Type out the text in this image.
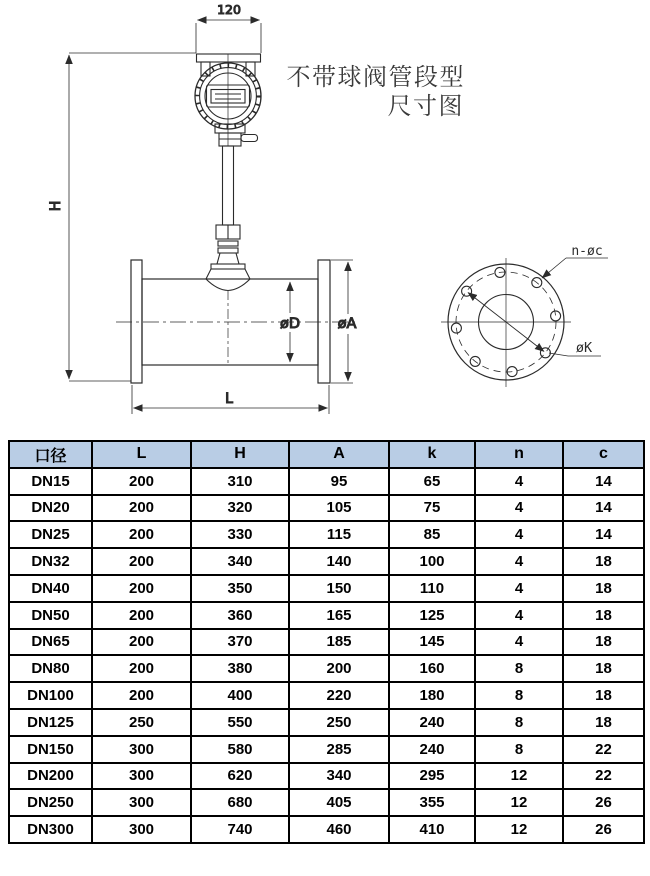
120
H
øD	øA
L
n-øc
øK
不带球阀管段型
尺寸图
口径	L	H	A	k	n	c
DN15	200	310	95	65	4	14
DN20	200	320	105	75	4	14
DN25	200	330	115	85	4	14
DN32	200	340	140	100	4	18
DN40	200	350	150	110	4	18
DN50	200	360	165	125	4	18
DN65	200	370	185	145	4	18
DN80	200	380	200	160	8	18
DN100	200	400	220	180	8	18
DN125	250	550	250	240	8	18
DN150	300	580	285	240	8	22
DN200	300	620	340	295	12	22
DN250	300	680	405	355	12	26
DN300	300	740	460	410	12	26
